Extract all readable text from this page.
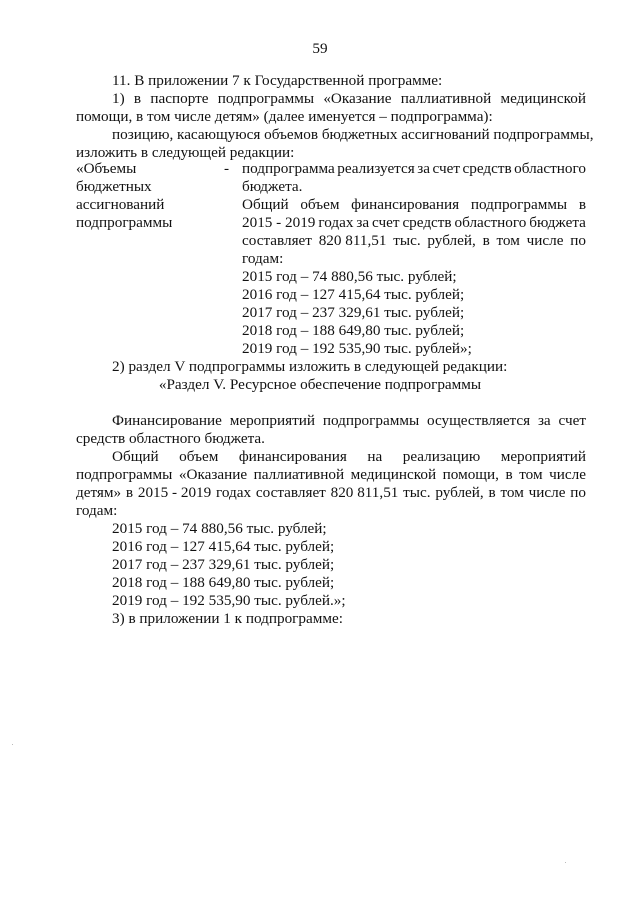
59
11. В приложении 7 к Государственной программе:
1) в паспорте подпрограммы «Оказание паллиативной медицинской
помощи, в том числе детям» (далее именуется – подпрограмма):
позицию, касающуюся объемов бюджетных ассигнований подпрограммы,
изложить в следующей редакции:
«Объемы
бюджетных
ассигнований
подпрограммы
- подпрограмма реализуется за счет средств областного
бюджета.
Общий объем финансирования подпрограммы в
2015 - 2019 годах за счет средств областного бюджета
составляет 820 811,51 тыс. рублей, в том числе по
годам:
2015 год – 74 880,56 тыс. рублей;
2016 год – 127 415,64 тыс. рублей;
2017 год – 237 329,61 тыс. рублей;
2018 год – 188 649,80 тыс. рублей;
2019 год – 192 535,90 тыс. рублей»;
2) раздел V подпрограммы изложить в следующей редакции:
«Раздел V. Ресурсное обеспечение подпрограммы
Финансирование мероприятий подпрограммы осуществляется за счет
средств областного бюджета.
Общий объем финансирования на реализацию мероприятий
подпрограммы «Оказание паллиативной медицинской помощи, в том числе
детям» в 2015 - 2019 годах составляет 820 811,51 тыс. рублей, в том числе по
годам:
2015 год – 74 880,56 тыс. рублей;
2016 год – 127 415,64 тыс. рублей;
2017 год – 237 329,61 тыс. рублей;
2018 год – 188 649,80 тыс. рублей;
2019 год – 192 535,90 тыс. рублей.»;
3) в приложении 1 к подпрограмме:
